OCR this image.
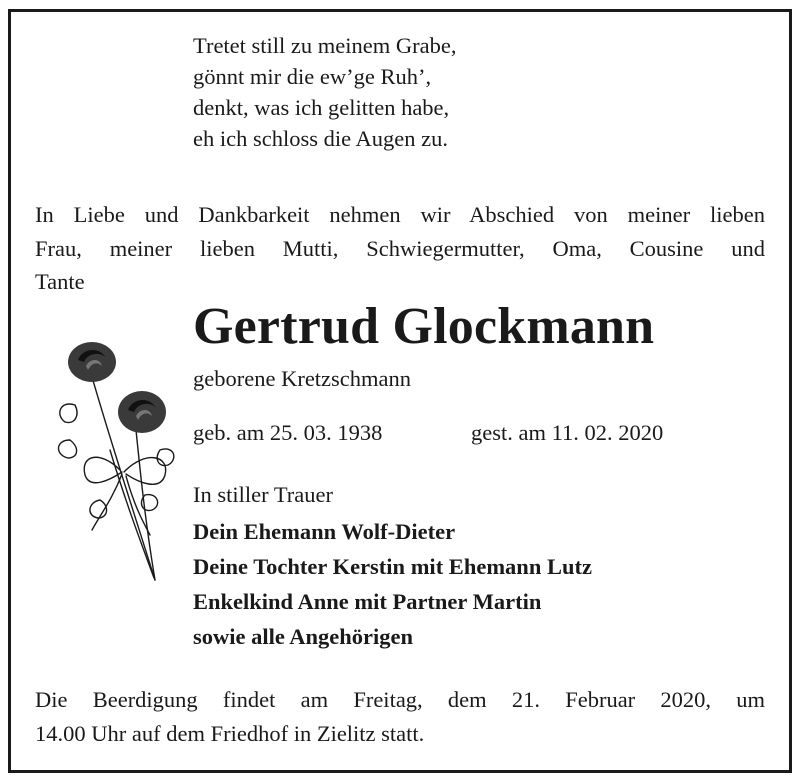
Tretet still zu meinem Grabe,
gönnt mir die ew’ge Ruh’,
denkt, was ich gelitten habe,
eh ich schloss die Augen zu.
In Liebe und Dankbarkeit nehmen wir Abschied von meiner lieben
Frau, meiner lieben Mutti, Schwiegermutter, Oma, Cousine und
Tante
Gertrud Glockmann
geborene Kretzschmann
geb. am 25. 03. 1938	gest. am 11. 02. 2020
In stiller Trauer
Dein Ehemann Wolf-Dieter
Deine Tochter Kerstin mit Ehemann Lutz
Enkelkind Anne mit Partner Martin
sowie alle Angehörigen
Die Beerdigung findet am Freitag, dem 21. Februar 2020, um
14.00 Uhr auf dem Friedhof in Zielitz statt.
